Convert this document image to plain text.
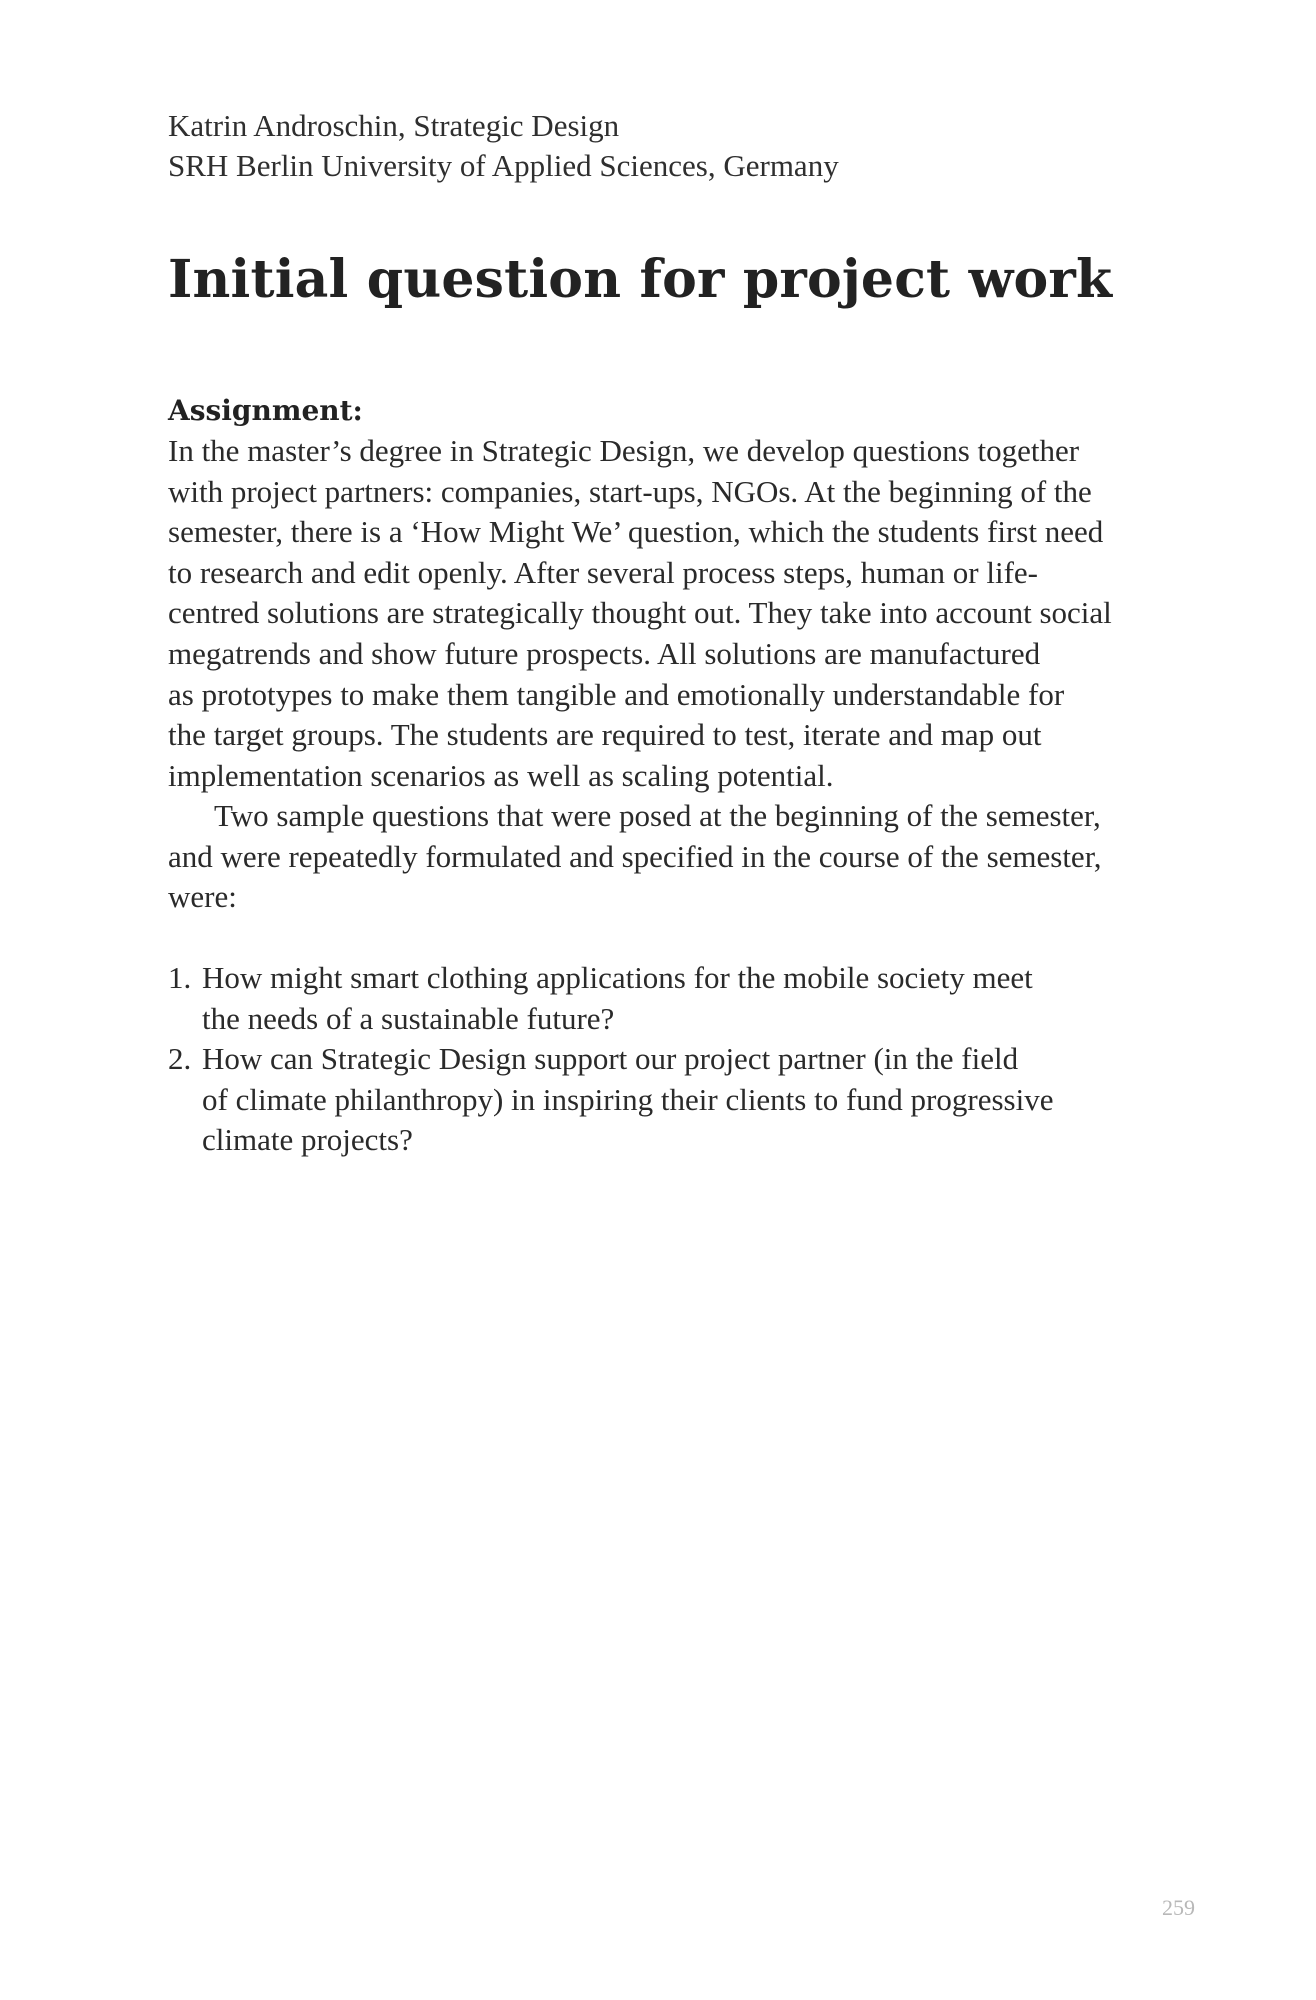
Katrin Androschin, Strategic Design
SRH Berlin University of Applied Sciences, Germany
Initial question for project work
Assignment:
In the master’s degree in Strategic Design, we develop questions together
with project partners: companies, start-ups, NGOs. At the beginning of the
semester, there is a ‘How Might We’ question, which the students first need
to research and edit openly. After several process steps, human or life-
centred solutions are strategically thought out. They take into account social
megatrends and show future prospects. All solutions are manufactured
as prototypes to make them tangible and emotionally understandable for
the target groups. The students are required to test, iterate and map out
implementation scenarios as well as scaling potential.
Two sample questions that were posed at the beginning of the semester,
and were repeatedly formulated and specified in the course of the semester,
were:
1. How might smart clothing applications for the mobile society meet
the needs of a sustainable future?
2. How can Strategic Design support our project partner (in the field
of climate philanthropy) in inspiring their clients to fund progressive
climate projects?
259
